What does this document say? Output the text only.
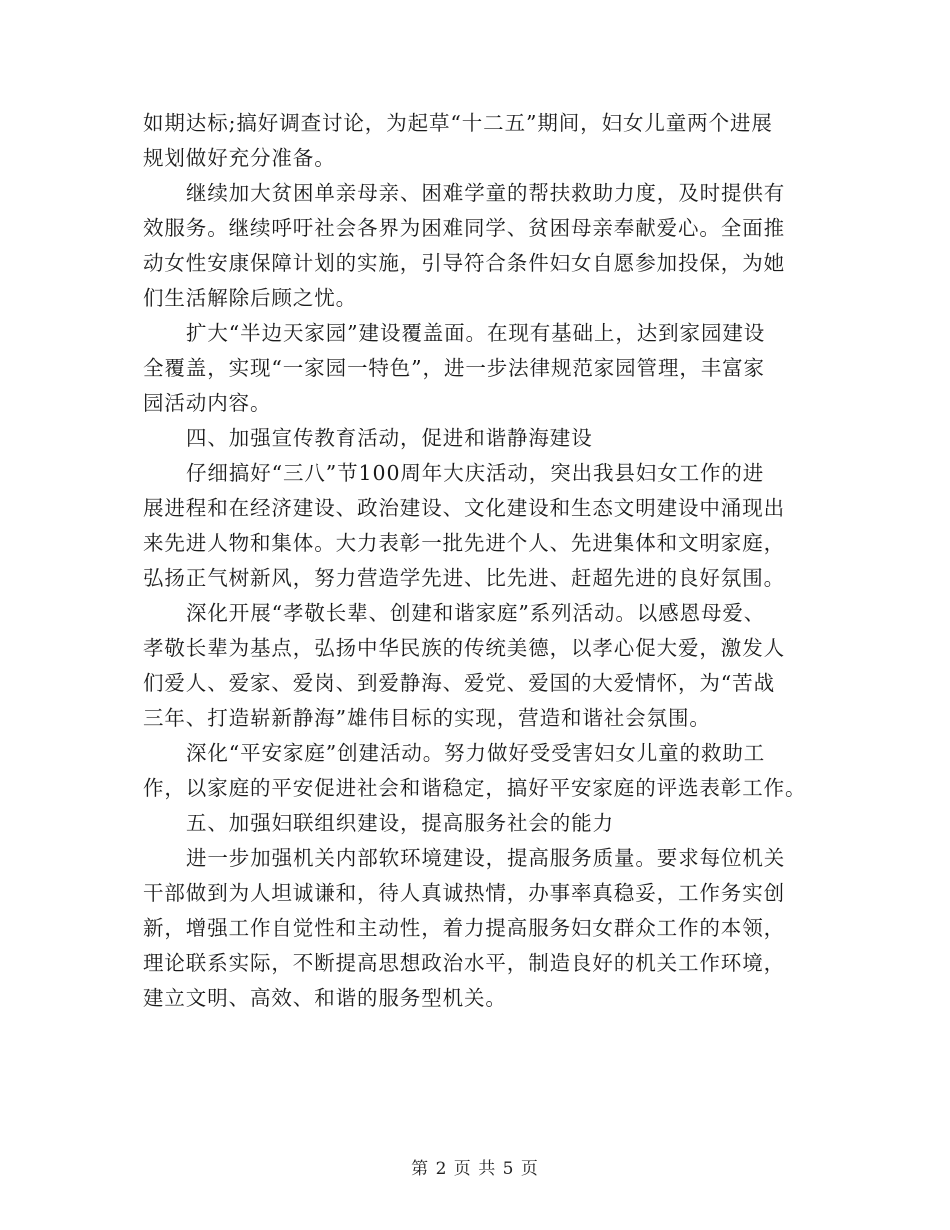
如期达标;搞好调查讨论，为起草“十二五”期间，妇女儿童两个进展
规划做好充分准备。
继续加大贫困单亲母亲、困难学童的帮扶救助力度，及时提供有
效服务。继续呼吁社会各界为困难同学、贫困母亲奉献爱心。全面推
动女性安康保障计划的实施，引导符合条件妇女自愿参加投保，为她
们生活解除后顾之忧。
扩大“半边天家园”建设覆盖面。在现有基础上，达到家园建设
全覆盖，实现“一家园一特色”，进一步法律规范家园管理，丰富家
园活动内容。
四、加强宣传教育活动，促进和谐静海建设
仔细搞好“三八”节100周年大庆活动，突出我县妇女工作的进
展进程和在经济建设、政治建设、文化建设和生态文明建设中涌现出
来先进人物和集体。大力表彰一批先进个人、先进集体和文明家庭，
弘扬正气树新风，努力营造学先进、比先进、赶超先进的良好氛围。
深化开展“孝敬长辈、创建和谐家庭”系列活动。以感恩母爱、
孝敬长辈为基点，弘扬中华民族的传统美德，以孝心促大爱，激发人
们爱人、爱家、爱岗、到爱静海、爱党、爱国的大爱情怀，为“苦战
三年、打造崭新静海”雄伟目标的实现，营造和谐社会氛围。
深化“平安家庭”创建活动。努力做好受受害妇女儿童的救助工
作，以家庭的平安促进社会和谐稳定，搞好平安家庭的评选表彰工作。
五、加强妇联组织建设，提高服务社会的能力
进一步加强机关内部软环境建设，提高服务质量。要求每位机关
干部做到为人坦诚谦和，待人真诚热情，办事率真稳妥，工作务实创
新，增强工作自觉性和主动性，着力提高服务妇女群众工作的本领，
理论联系实际，不断提高思想政治水平，制造良好的机关工作环境，
建立文明、高效、和谐的服务型机关。
第 2 页 共 5 页
